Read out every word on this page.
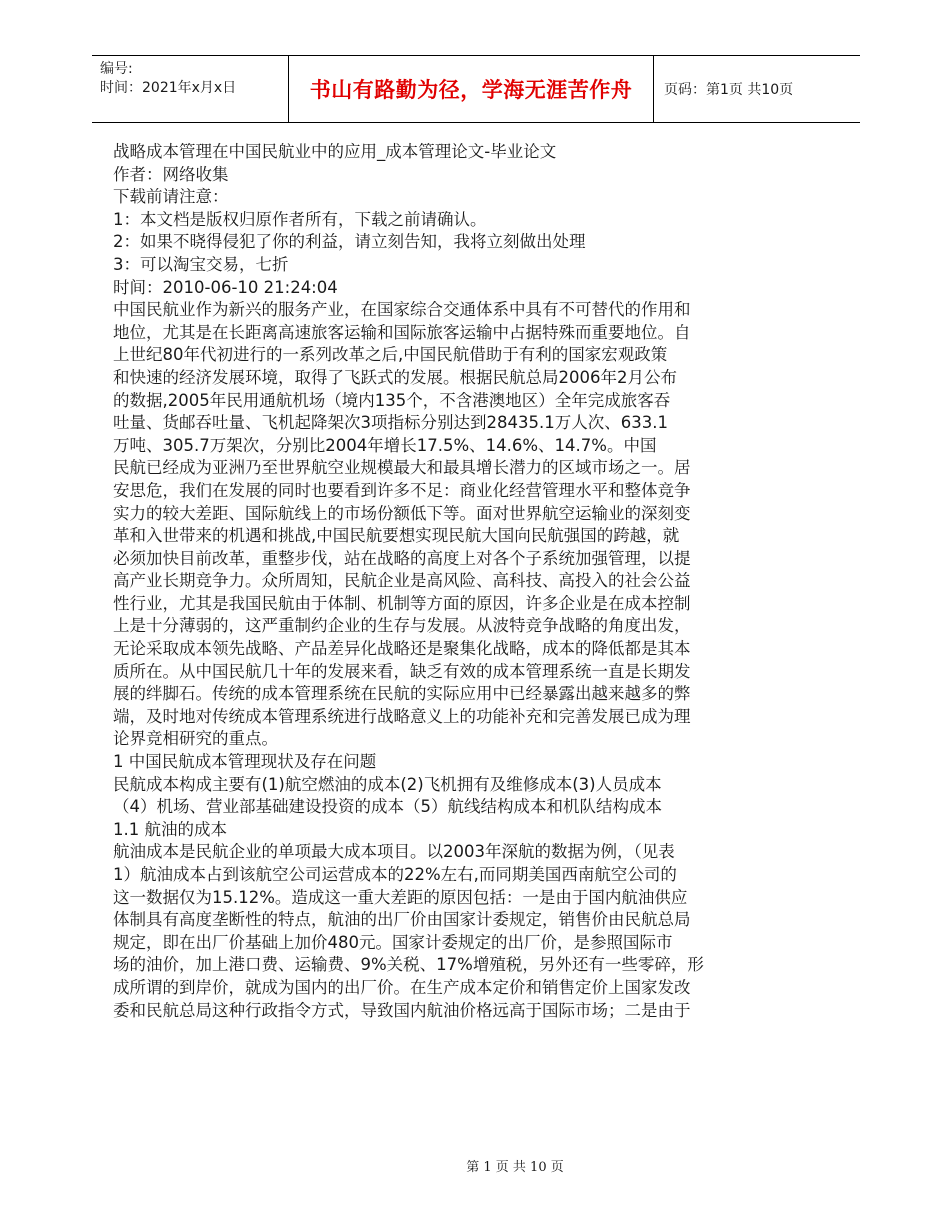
编号:
时间：2021年x月x日	书山有路勤为径，学海无涯苦作舟	页码：第1页 共10页
战略成本管理在中国民航业中的应用_成本管理论文-毕业论文
作者：网络收集
下载前请注意：
1：本文档是版权归原作者所有，下载之前请确认。
2：如果不晓得侵犯了你的利益，请立刻告知，我将立刻做出处理
3：可以淘宝交易，七折
时间：2010-06-10 21:24:04
中国民航业作为新兴的服务产业，在国家综合交通体系中具有不可替代的作用和
地位，尤其是在长距离高速旅客运输和国际旅客运输中占据特殊而重要地位。自
上世纪80年代初进行的一系列改革之后,中国民航借助于有利的国家宏观政策
和快速的经济发展环境，取得了飞跃式的发展。根据民航总局2006年2月公布
的数据,2005年民用通航机场（境内135个，不含港澳地区）全年完成旅客吞
吐量、货邮吞吐量、飞机起降架次3项指标分别达到28435.1万人次、633.1
万吨、305.7万架次，分别比2004年增长17.5%、14.6%、14.7%。中国
民航已经成为亚洲乃至世界航空业规模最大和最具增长潜力的区域市场之一。居
安思危，我们在发展的同时也要看到许多不足：商业化经营管理水平和整体竞争
实力的较大差距、国际航线上的市场份额低下等。面对世界航空运输业的深刻变
革和入世带来的机遇和挑战,中国民航要想实现民航大国向民航强国的跨越，就
必须加快目前改革，重整步伐，站在战略的高度上对各个子系统加强管理，以提
高产业长期竞争力。众所周知，民航企业是高风险、高科技、高投入的社会公益
性行业，尤其是我国民航由于体制、机制等方面的原因，许多企业是在成本控制
上是十分薄弱的，这严重制约企业的生存与发展。从波特竞争战略的角度出发，
无论采取成本领先战略、产品差异化战略还是聚集化战略，成本的降低都是其本
质所在。从中国民航几十年的发展来看，缺乏有效的成本管理系统一直是长期发
展的绊脚石。传统的成本管理系统在民航的实际应用中已经暴露出越来越多的弊
端，及时地对传统成本管理系统进行战略意义上的功能补充和完善发展已成为理
论界竞相研究的重点。
1 中国民航成本管理现状及存在问题
民航成本构成主要有(1)航空燃油的成本(2)飞机拥有及维修成本(3)人员成本
（4）机场、营业部基础建设投资的成本（5）航线结构成本和机队结构成本
1.1 航油的成本
航油成本是民航企业的单项最大成本项目。以2003年深航的数据为例，（见表
1）航油成本占到该航空公司运营成本的22%左右,而同期美国西南航空公司的
这一数据仅为15.12%。造成这一重大差距的原因包括：一是由于国内航油供应
体制具有高度垄断性的特点，航油的出厂价由国家计委规定，销售价由民航总局
规定，即在出厂价基础上加价480元。国家计委规定的出厂价，是参照国际市
场的油价，加上港口费、运输费、9%关税、17%增殖税，另外还有一些零碎，形
成所谓的到岸价，就成为国内的出厂价。在生产成本定价和销售定价上国家发改
委和民航总局这种行政指令方式，导致国内航油价格远高于国际市场；二是由于
第 1 页 共 10 页
